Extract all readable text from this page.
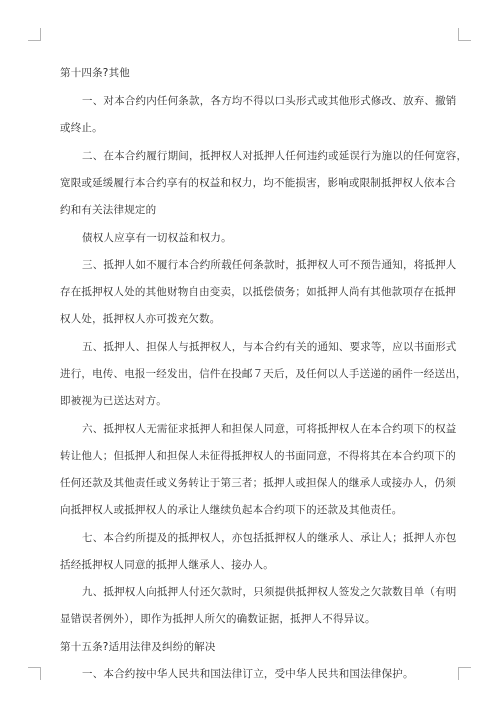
第十四条?其他
一、对本合约内任何条款，各方均不得以口头形式或其他形式修改、放弃、撤销
或终止。
二、在本合约履行期间，抵押权人对抵押人任何违约或延误行为施以的任何宽容，
宽限或延缓履行本合约享有的权益和权力，均不能损害，影响或限制抵押权人依本合
约和有关法律规定的
债权人应享有一切权益和权力。
三、抵押人如不履行本合约所载任何条款时，抵押权人可不预告通知，将抵押人
存在抵押权人处的其他财物自由变卖，以抵偿债务；如抵押人尚有其他款项存在抵押
权人处，抵押权人亦可拨充欠数。
五、抵押人、担保人与抵押权人，与本合约有关的通知、要求等，应以书面形式
进行，电传、电报一经发出，信件在投邮７天后，及任何以人手送递的函件一经送出，
即被视为已送达对方。
六、抵押权人无需征求抵押人和担保人同意，可将抵押权人在本合约项下的权益
转让他人；但抵押人和担保人未征得抵押权人的书面同意，不得将其在本合约项下的
任何还款及其他责任或义务转让于第三者；抵押人或担保人的继承人或接办人，仍须
向抵押权人或抵押权人的承让人继续负起本合约项下的还款及其他责任。
七、本合约所提及的抵押权人，亦包括抵押权人的继承人、承让人；抵押人亦包
括经抵押权人同意的抵押人继承人、接办人。
九、抵押权人向抵押人付还欠款时，只须提供抵押权人签发之欠款数目单（有明
显错误者例外），即作为抵押人所欠的确数证据，抵押人不得异议。
第十五条?适用法律及纠纷的解决
一、本合约按中华人民共和国法律订立，受中华人民共和国法律保护。
